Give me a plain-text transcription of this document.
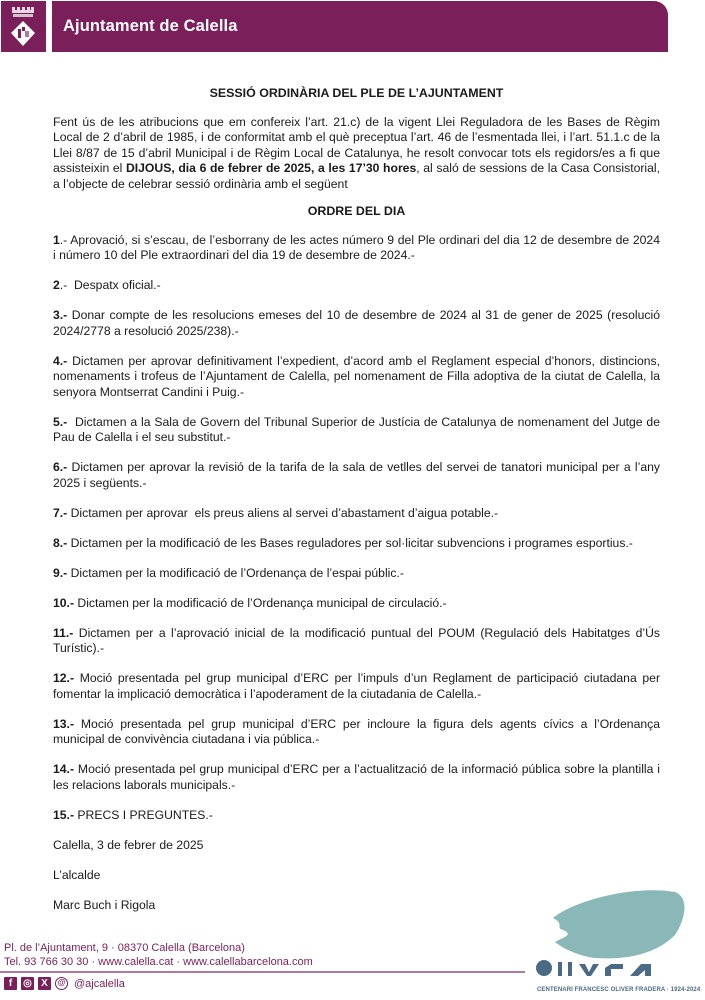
Ajuntament de Calella
SESSIÓ ORDINÀRIA DEL PLE DE L’AJUNTAMENT

Fent ús de les atribucions que em confereix l’art. 21.c) de la vigent Llei Reguladora de les Bases de Règim Local de 2 d’abril de 1985, i de conformitat amb el què preceptua l’art. 46 de l’esmentada llei, i l’art. 51.1.c de la Llei 8/87 de 15 d’abril Municipal i de Règim Local de Catalunya, he resolt convocar tots els regidors/es a fi que assisteixin el DIJOUS, dia 6 de febrer de 2025, a les 17’30 hores, al saló de sessions de la Casa Consistorial, a l’objecte de celebrar sessió ordinària amb el següent

ORDRE DEL DIA

1.- Aprovació, si s’escau, de l’esborrany de les actes número 9 del Ple ordinari del dia 12 de desembre de 2024 i número 10 del Ple extraordinari del dia 19 de desembre de 2024.-

2.-  Despatx oficial.-

3.- Donar compte de les resolucions emeses del 10 de desembre de 2024 al 31 de gener de 2025 (resolució 2024/2778 a resolució 2025/238).-

4.- Dictamen per aprovar definitivament l’expedient, d’acord amb el Reglament especial d’honors, distincions, nomenaments i trofeus de l’Ajuntament de Calella, pel nomenament de Filla adoptiva de la ciutat de Calella, la senyora Montserrat Candini i Puig.-

5.- Dictamen a la Sala de Govern del Tribunal Superior de Justícia de Catalunya de nomenament del Jutge de Pau de Calella i el seu substitut.-

6.- Dictamen per aprovar la revisió de la tarifa de la sala de vetlles del servei de tanatori municipal per a l’any 2025 i següents.-

7.- Dictamen per aprovar  els preus aliens al servei d’abastament d’aigua potable.-

8.- Dictamen per la modificació de les Bases reguladores per sol·licitar subvencions i programes esportius.-

9.- Dictamen per la modificació de l’Ordenança de l’espai públic.-

10.- Dictamen per la modificació de l’Ordenança municipal de circulació.-

11.- Dictamen per a l’aprovació inicial de la modificació puntual del POUM (Regulació dels Habitatges d’Ús Turístic).-

12.- Moció presentada pel grup municipal d’ERC per l’impuls d’un Reglament de participació ciutadana per fomentar la implicació democràtica i l’apoderament de la ciutadania de Calella.-

13.- Moció presentada pel grup municipal d’ERC per incloure la figura dels agents cívics a l’Ordenança municipal de convivència ciutadana i via pública.-

14.- Moció presentada pel grup municipal d’ERC per a l’actualització de la informació pública sobre la plantilla i les relacions laborals municipals.-

15.- PRECS I PREGUNTES.-

Calella, 3 de febrer de 2025

L’alcalde

Marc Buch i Rigola

Pl. de l’Ajuntament, 9 · 08370 Calella (Barcelona)
Tel. 93 766 30 30 · www.calella.cat · www.calellabarcelona.com
f	◎ X	@ @ajcalella
CENTENARI FRANCESC OLIVER FRADERA · 1924-2024
